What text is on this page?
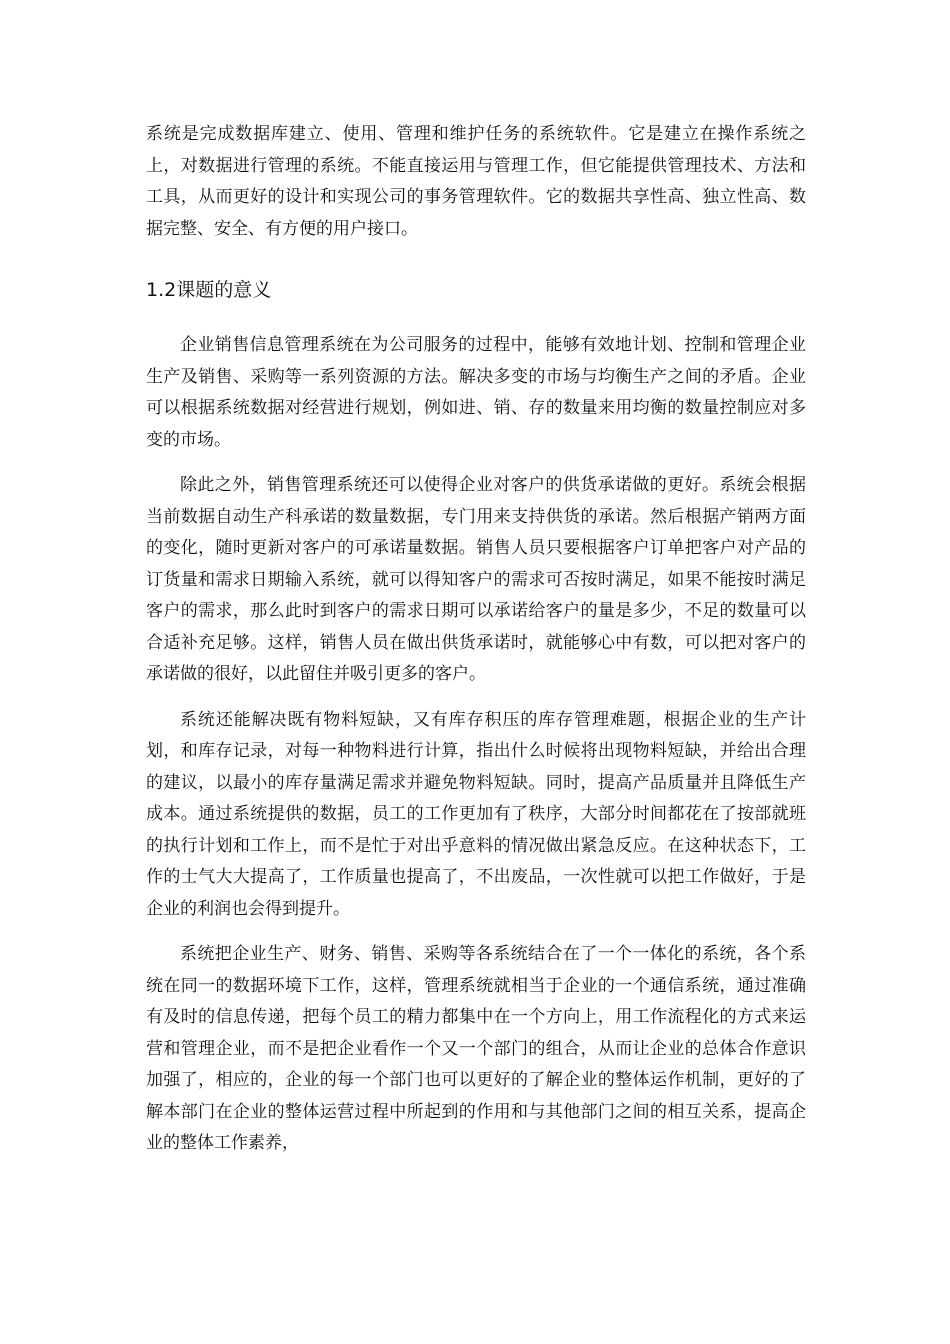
系统是完成数据库建立、使用、管理和维护任务的系统软件。它是建立在操作系统之上，对数据进行管理的系统。不能直接运用与管理工作，但它能提供管理技术、方法和工具，从而更好的设计和实现公司的事务管理软件。它的数据共享性高、独立性高、数据完整、安全、有方便的用户接口。

1.2课题的意义

企业销售信息管理系统在为公司服务的过程中，能够有效地计划、控制和管理企业生产及销售、采购等一系列资源的方法。解决多变的市场与均衡生产之间的矛盾。企业可以根据系统数据对经营进行规划，例如进、销、存的数量来用均衡的数量控制应对多变的市场。

除此之外，销售管理系统还可以使得企业对客户的供货承诺做的更好。系统会根据当前数据自动生产科承诺的数量数据，专门用来支持供货的承诺。然后根据产销两方面的变化，随时更新对客户的可承诺量数据。销售人员只要根据客户订单把客户对产品的订货量和需求日期输入系统，就可以得知客户的需求可否按时满足，如果不能按时满足客户的需求，那么此时到客户的需求日期可以承诺给客户的量是多少，不足的数量可以合适补充足够。这样，销售人员在做出供货承诺时，就能够心中有数，可以把对客户的承诺做的很好，以此留住并吸引更多的客户。

系统还能解决既有物料短缺，又有库存积压的库存管理难题，根据企业的生产计划，和库存记录，对每一种物料进行计算，指出什么时候将出现物料短缺，并给出合理的建议，以最小的库存量满足需求并避免物料短缺。同时，提高产品质量并且降低生产成本。通过系统提供的数据，员工的工作更加有了秩序，大部分时间都花在了按部就班的执行计划和工作上，而不是忙于对出乎意料的情况做出紧急反应。在这种状态下，工作的士气大大提高了，工作质量也提高了，不出废品，一次性就可以把工作做好，于是企业的利润也会得到提升。

系统把企业生产、财务、销售、采购等各系统结合在了一个一体化的系统，各个系统在同一的数据环境下工作，这样，管理系统就相当于企业的一个通信系统，通过准确有及时的信息传递，把每个员工的精力都集中在一个方向上，用工作流程化的方式来运营和管理企业，而不是把企业看作一个又一个部门的组合，从而让企业的总体合作意识加强了，相应的，企业的每一个部门也可以更好的了解企业的整体运作机制，更好的了解本部门在企业的整体运营过程中所起到的作用和与其他部门之间的相互关系，提高企业的整体工作素养，
